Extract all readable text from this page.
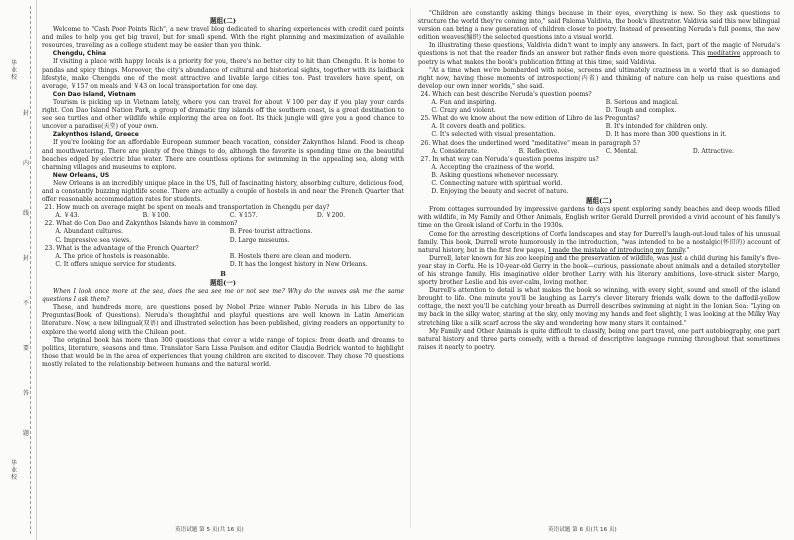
毕业校
毕业校
封
内
线
封
不
要
答
题
题组(二)

Welcome to "Cash Poor Points Rich", a new travel blog dedicated to sharing experiences with credit card points and miles to help you get big travel, but for small spend. With the right planning and maximization of available resources, traveling as a college student may be easier than you think.

Chengdu, China

If visiting a place with happy locals is a priority for you, there's no better city to hit than Chengdu. It is home to pandas and spicy things. Moreover, the city's abundance of cultural and historical sights, together with its laidback lifestyle, make Chengdu one of the most attractive and livable large cities too. Past travelers have spent, on average, ￥157 on meals and ￥43 on local transportation for one day.

Con Dao Island, Vietnam

Tourism is picking up in Vietnam lately, where you can travel for about ￥100 per day if you play your cards right. Con Dao Island Nation Park, a group of dramatic tiny islands off the southern coast, is a great destination to see sea turtles and other wildlife while exploring the area on foot. Its thick jungle will give you a good chance to uncover a paradise(天堂) of your own.

Zakynthos Island, Greece

If you're looking for an affordable European summer beach vacation, consider Zakynthos Island. Food is cheap and mouthwatering. There are plenty of free things to do, although the favorite is spending time on the beautiful beaches edged by electric blue water. There are countless options for swimming in the appealing sea, along with charming villages and museums to explore.

New Orleans, US

New Orleans is an incredibly unique place in the US, full of fascinating history, absorbing culture, delicious food, and a constantly buzzing nightlife scene. There are actually a couple of hostels in and near the French Quarter that offer reasonable accommodation rates for students.

21. How much on average might be spent on meals and transportation in Chengdu per day?

A. ￥43.	B. ￥100.	C. ￥157.	D. ￥200.

22. What do Con Dao and Zakynthos Islands have in common?

A. Abundant cultures.	B. Free tourist attractions.
C. Impressive sea views.	D. Large museums.

23. What is the advantage of the French Quarter?

A. The price of hostels is reasonable.	B. Hostels there are clean and modern.
C. It offers unique service for students.	D. It has the longest history in New Orleans.
B
题组(一)

When I look once more at the sea, does the sea see me or not see me? Why do the waves ask me the same questions I ask them?

These, and hundreds more, are questions posed by Nobel Prize winner Pablo Neruda in his Libro de las Preguntas(Book of Questions). Neruda's thoughtful and playful questions are well known in Latin American literature. Now, a new bilingual(双语) and illustrated selection has been published, giving readers an opportunity to explore the world along with the Chilean poet.

The original book has more than 300 questions that cover a wide range of topics: from death and dreams to politics, literature, seasons and time. Translator Sara Lissa Paulson and editor Claudia Bedrick wanted to highlight those that would be in the area of experiences that young children are excited to discover. They chose 70 questions mostly related to the relationship between humans and the natural world.

英语试题 第 5 页(共 16 页)

"Children are constantly asking things because in their eyes, everything is new. So they ask questions to structure the world they're coming into," said Paloma Valdivia, the book's illustrator. Valdivia said this new bilingual version can bring a new generation of children closer to poetry. Instead of presenting Neruda's full poems, the new edition weaves(编织) the selected questions into a visual world.

In illustrating these questions, Valdivia didn't want to imply any answers. In fact, part of the magic of Neruda's questions is not that the reader finds an answer but rather finds even more questions. This meditative approach to poetry is what makes the book's publication fitting at this time, said Valdivia.

"At a time when we're bombarded with noise, screens and ultimately craziness in a world that is so damaged right now, having those moments of introspection(内省) and thinking of nature can help us raise questions and develop our own inner worlds," she said.

24. Which can best describe Neruda's question poems?

A. Fun and inspiring.	B. Serious and magical.
C. Crazy and violent.	D. Tough and complex.

25. What do we know about the new edition of Libro de las Preguntas?

A. It covers death and politics.	B. It's intended for children only.
C. It's selected with visual presentation.	D. It has more than 300 questions in it.

26. What does the underlined word "meditative" mean in paragraph 5?

A. Considerate.	B. Reflective.	C. Mental.	D. Attractive.

27. In what way can Neruda's question poems inspire us?

A. Accepting the craziness of the world.
B. Asking questions whenever necessary.
C. Connecting nature with spiritual world.
D. Enjoying the beauty and secret of nature.
题组(二)

From cottages surrounded by impressive gardens to days spent exploring sandy beaches and deep woods filled with wildlife, in My Family and Other Animals, English writer Gerald Durrell provided a vivid account of his family's time on the Greek island of Corfu in the 1930s.

Come for the arresting descriptions of Corfu landscapes and stay for Durrell's laugh-out-loud tales of his unusual family. This book, Durrell wrote humorously in the introduction, "was intended to be a nostalgic(怀旧的) account of natural history, but in the first few pages, I made the mistake of introducing my family."

Durrell, later known for his zoo keeping and the preservation of wildlife, was just a child during his family's five-year stay in Corfu. He is 10-year-old Gerry in the book—curious, passionate about animals and a detailed storyteller of his strange family. His imaginative elder brother Larry with his literary ambitions, love-struck sister Margo, sporty brother Leslie and his ever-calm, loving mother.

Durrell's attention to detail is what makes the book so winning, with every sight, sound and smell of the island brought to life. One minute you'll be laughing as Larry's clever literary friends walk down to the daffodil-yellow cottage, the next you'll be catching your breath as Durrell describes swimming at night in the Ionian Sea: "Lying on my back in the silky water, staring at the sky, only moving my hands and feet slightly, I was looking at the Milky Way stretching like a silk scarf across the sky and wondering how many stars it contained."

My Family and Other Animals is quite difficult to classify, being one part travel, one part autobiography, one part natural history and three parts comedy, with a thread of descriptive language running throughout that sometimes raises it nearly to poetry.

英语试题 第 6 页(共 16 页)
